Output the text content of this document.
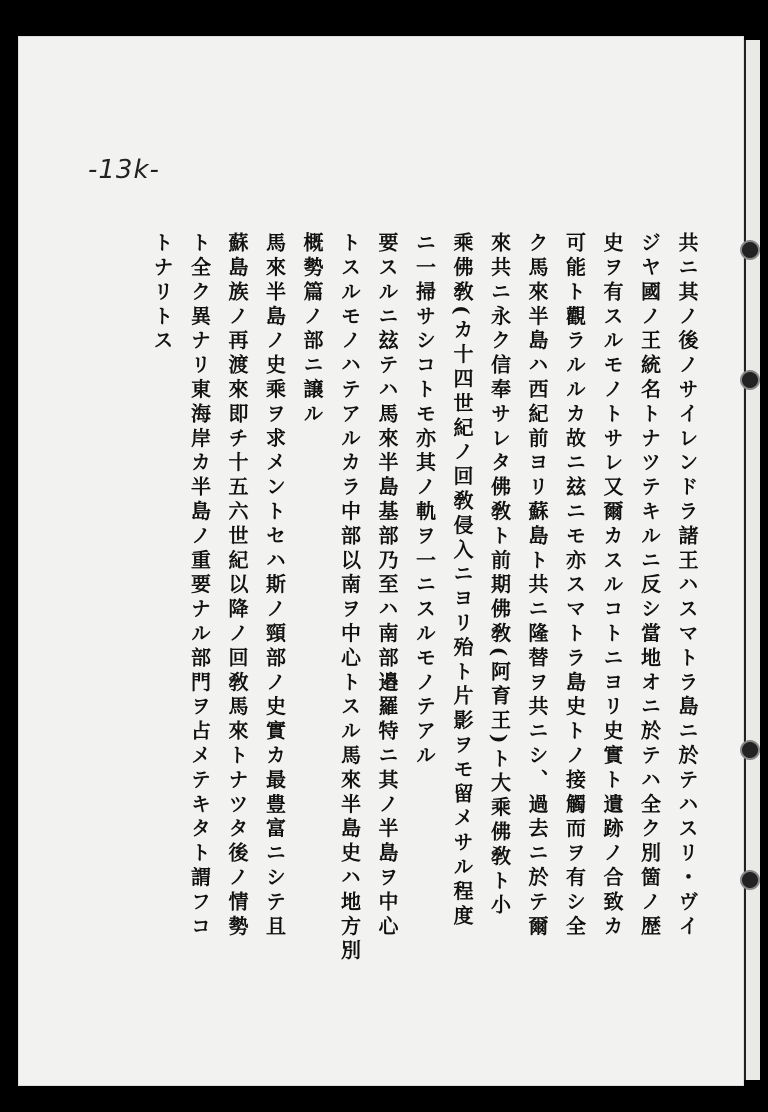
-13k-
共ニ其ノ後ノサイレンドラ諸王ハスマトラ島ニ於テハスリ・ヴイ
ジヤ國ノ王統名トナツテキルニ反シ當地オニ於テハ全ク別箇ノ歴
史ヲ有スルモノトサレ又爾カスルコトニヨリ史實ト遺跡ノ合致カ
可能ト觀ラルルカ故ニ玆ニモ亦スマトラ島史トノ接觸而ヲ有シ全
ク馬來半島ハ西紀前ヨリ蘇島ト共ニ隆替ヲ共ニシ、過去ニ於テ爾
來共ニ永ク信奉サレタ佛敎ト前期佛敎(阿育王)ト大乘佛敎ト小
乘佛敎(カ十四世紀ノ回敎侵入ニヨリ殆ト片影ヲモ留メサル程度
ニ一掃サシコトモ亦其ノ軌ヲ一ニスルモノテアル
要スルニ玆テハ馬來半島基部乃至ハ南部邉羅特ニ其ノ半島ヲ中心
トスルモノハテアルカラ中部以南ヲ中心トスル馬來半島史ハ地方別
概勢篇ノ部ニ譲ル
馬來半島ノ史乘ヲ求メントセハ斯ノ頸部ノ史實カ最豊富ニシテ且
蘇島族ノ再渡來即チ十五六世紀以降ノ回敎馬來トナツタ後ノ情勢
ト全ク異ナリ東海岸カ半島ノ重要ナル部門ヲ占メテキタト謂フコ
トナリトス
